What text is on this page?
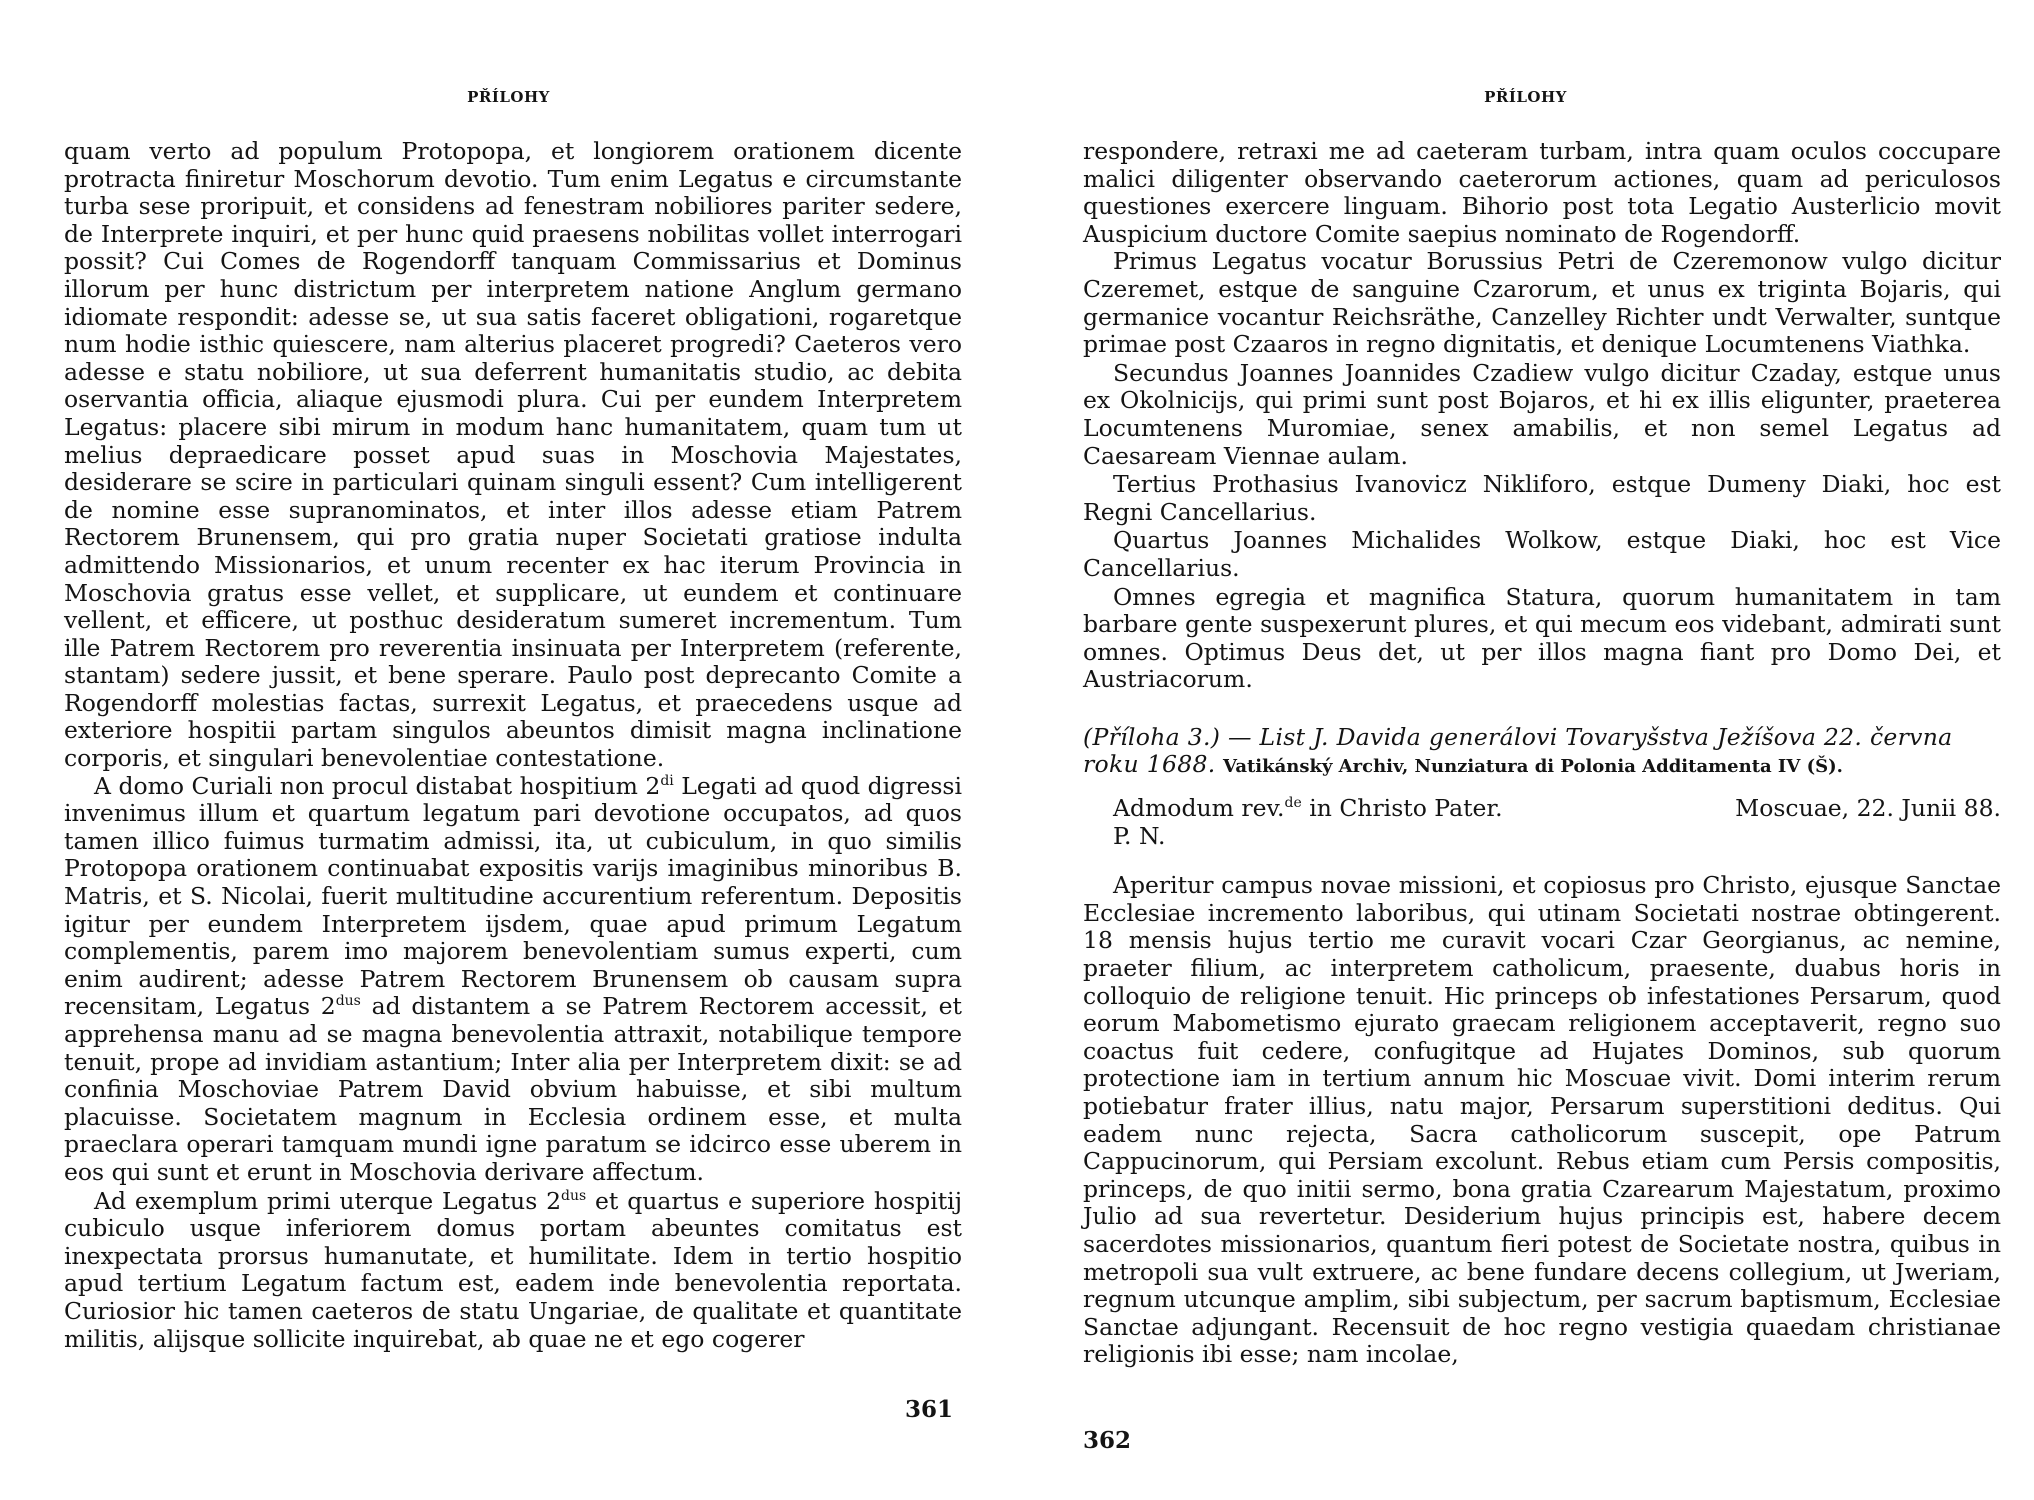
PŘÍLOHY

quam verto ad populum Protopopa, et longiorem orationem dicente protracta finiretur Moschorum devotio. Tum enim Legatus e circumstante turba sese proripuit, et considens ad fenestram nobiliores pariter sedere, de Interprete inquiri, et per hunc quid praesens nobilitas vollet interrogari possit? Cui Comes de Rogendorff tanquam Commissarius et Dominus illorum per hunc districtum per interpretem natione Anglum germano idiomate respondit: adesse se, ut sua satis faceret obligationi, rogaretque num hodie isthic quiescere, nam alterius placeret progredi? Caeteros vero adesse e statu nobiliore, ut sua deferrent humanitatis studio, ac debita oservantia officia, aliaque ejusmodi plura. Cui per eundem Interpretem Legatus: placere sibi mirum in modum hanc humanitatem, quam tum ut melius depraedicare posset apud suas in Moschovia Majestates, desiderare se scire in particulari quinam singuli essent? Cum intelligerent de nomine esse supranominatos, et inter illos adesse etiam Patrem Rectorem Brunensem, qui pro gratia nuper Societati gratiose indulta admittendo Missionarios, et unum recenter ex hac iterum Provincia in Moschovia gratus esse vellet, et supplicare, ut eundem et continuare vellent, et efficere, ut posthuc desideratum sumeret incrementum. Tum ille Patrem Rectorem pro reverentia insinuata per Interpretem (referente, stantam) sedere jussit, et bene sperare. Paulo post deprecanto Comite a Rogendorff molestias factas, surrexit Legatus, et praecedens usque ad exteriore hospitii partam singulos abeuntos dimisit magna inclinatione corporis, et singulari benevolentiae contestatione.

A domo Curiali non procul distabat hospitium $2^{di}$ Legati ad quod digressi invenimus illum et quartum legatum pari devotione occupatos, ad quos tamen illico fuimus turmatim admissi, ita, ut cubiculum, in quo similis Protopopa orationem continuabat expositis varijs imaginibus minoribus B. Matris, et S. Nicolai, fuerit multitudine accurentium referentum. Depositis igitur per eundem Interpretem ijsdem, quae apud primum Legatum complementis, parem imo majorem benevolentiam sumus experti, cum enim audirent; adesse Patrem Rectorem Brunensem ob causam supra recensitam, Legatus $2^{dus}$ ad distantem a se Patrem Rectorem accessit, et apprehensa manu ad se magna benevolentia attraxit, notabilique tempore tenuit, prope ad invidiam astantium; Inter alia per Interpretem dixit: se ad confinia Moschoviae Patrem David obvium habuisse, et sibi multum placuisse. Societatem magnum in Ecclesia ordinem esse, et multa praeclara operari tamquam mundi igne paratum se idcirco esse uberem in eos qui sunt et erunt in Moschovia derivare affectum.

Ad exemplum primi uterque Legatus $2^{dus}$ et quartus e superiore hospitij cubiculo usque inferiorem domus portam abeuntes comitatus est inexpectata prorsus humanutate, et humilitate. Idem in tertio hospitio apud tertium Legatum factum est, eadem inde benevolentia reportata. Curiosior hic tamen caeteros de statu Ungariae, de qualitate et quantitate militis, alijsque sollicite inquirebat, ab quae ne et ego cogerer

361
PŘÍLOHY

respondere, retraxi me ad caeteram turbam, intra quam oculos coccupare malici diligenter observando caeterorum actiones, quam ad periculosos questiones exercere linguam. Bihorio post tota Legatio Austerlicio movit Auspicium ductore Comite saepius nominato de Rogendorff.

Primus Legatus vocatur Borussius Petri de Czeremonow vulgo dicitur Czeremet, estque de sanguine Czarorum, et unus ex triginta Bojaris, qui germanice vocantur Reichsräthe, Canzelley Richter undt Verwalter, suntque primae post Czaaros in regno dignitatis, et denique Locumtenens Viathka.

Secundus Joannes Joannides Czadiew vulgo dicitur Czaday, estque unus ex Okolnicijs, qui primi sunt post Bojaros, et hi ex illis eligunter, praeterea Locumtenens Muromiae, senex amabilis, et non semel Legatus ad Caesaream Viennae aulam.

Tertius Prothasius Ivanovicz Nikliforo, estque Dumeny Diaki, hoc est Regni Cancellarius.

Quartus Joannes Michalides Wolkow, estque Diaki, hoc est Vice Cancellarius.

Omnes egregia et magnifica Statura, quorum humanitatem in tam barbare gente suspexerunt plures, et qui mecum eos videbant, admirati sunt omnes. Optimus Deus det, ut per illos magna fiant pro Domo Dei, et Austriacorum.

(Příloha 3.) — List J. Davida generálovi Tovaryšstva Ježíšova 22. června roku 1688. Vatikánský Archiv, Nunziatura di Polonia Additamenta IV (Š).

Admodum rev.$^{de}$ in Christo Pater.	Moscuae, 22. Junii 88.
P. N.

Aperitur campus novae missioni, et copiosus pro Christo, ejusque Sanctae Ecclesiae incremento laboribus, qui utinam Societati nostrae obtingerent. 18 mensis hujus tertio me curavit vocari Czar Georgianus, ac nemine, praeter filium, ac interpretem catholicum, praesente, duabus horis in colloquio de religione tenuit. Hic princeps ob infestationes Persarum, quod eorum Mabometismo ejurato graecam religionem acceptaverit, regno suo coactus fuit cedere, confugitque ad Hujates Dominos, sub quorum protectione iam in tertium annum hic Moscuae vivit. Domi interim rerum potiebatur frater illius, natu major, Persarum superstitioni deditus. Qui eadem nunc rejecta, Sacra catholicorum suscepit, ope Patrum Cappucinorum, qui Persiam excolunt. Rebus etiam cum Persis compositis, princeps, de quo initii sermo, bona gratia Czarearum Majestatum, proximo Julio ad sua revertetur. Desiderium hujus principis est, habere decem sacerdotes missionarios, quantum fieri potest de Societate nostra, quibus in metropoli sua vult extruere, ac bene fundare decens collegium, ut Jweriam, regnum utcunque amplim, sibi subjectum, per sacrum baptismum, Ecclesiae Sanctae adjungant. Recensuit de hoc regno vestigia quaedam christianae religionis ibi esse; nam incolae,

362
